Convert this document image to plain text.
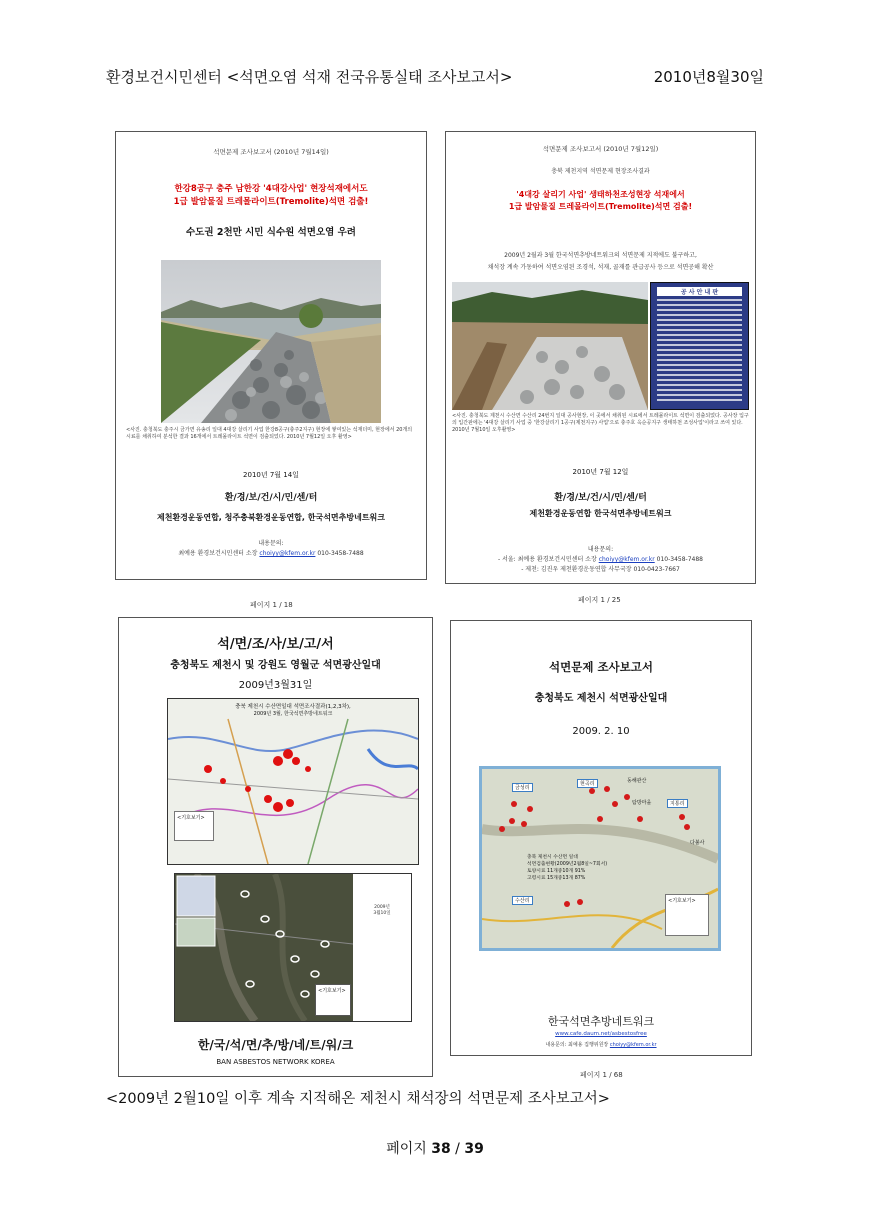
환경보건시민센터 <석면오염 석재 전국유통실태 조사보고서>	2010년8월30일
석면문제 조사보고서 (2010년 7월14일)
한강8공구 충주 남한강 '4대강사업' 현장석재에서도
1급 발암물질 트레몰라이트(Tremolite)석면 검출!
수도권 2천만 시민 식수원 석면오염 우려
<사진. 충청북도 충주시 금가면 유송리 일대 4대강 살리기 사업 한강8공구(충주2지구) 현장에 쌓여있는 석재더미, 현장에서 20개의 시료를 채취하여 분석한 결과 16개에서 트레몰라이트 석면이 검출되었다. 2010년 7월12일 오후 촬영>
2010년 7월 14일
환/경/보/건/시/민/센/터
제천환경운동연합, 청주충북환경운동연합, 한국석면추방네트워크
내용문의:
최예용 환경보건시민센터 소장 choiyy@kfem.or.kr 010-3458-7488
페이지 1 / 18
석면문제 조사보고서 (2010년 7월12일)
충북 제천지역 석면문제 현장조사결과
'4대강 살리기 사업' 생태하천조성현장 석재에서
1급 발암물질 트레몰라이트(Tremolite)석면 검출!
2009년 2월과 3월 한국석면추방네트워크의 석면문제 지적에도 불구하고,
채석장 계속 가동하여 석면오염된 조경석, 석재, 골재를 관급공사 등으로 석면공해 확산
공 사 안 내 판
<사진. 충청북도 제천시 수산면 수산리 24번지 일대 공사현장, 이 곳에서 채취된 시료에서 트레몰라이트 석면이 검출되었다. 공사장 입구의 입간판에는 '4대강 살리기 사업 중 '한강살리기 1공구(제천지구) 사업'으로 충주호 옥순공지구 생태하천 조성사업'이라고 쓰여 있다. 2010년 7월10일 오후촬영>
2010년 7월 12일
환/경/보/건/시/민/센/터
제천환경운동연합 한국석면추방네트워크
내용문의:
- 서울: 최예용 환경보건시민센터 소장 choiyy@kfem.or.kr 010-3458-7488
- 제천: 김진우 제천환경운동연합 사무국장 010-0423-7667
페이지 1 / 25
석/면/조/사/보/고/서
충청북도 제천시 및 강원도 영월군 석면광산일대
2009년3월31일
충북 제천시 수산면일대 석면조사결과(1,2,3차),
2009년 3월, 한국석면추방네트워크
<기호보기>
2009년
3월10일
<기호보기>
한/국/석/면/추/방/네/트/워/크
BAN ASBESTOS NETWORK KOREA
석면문제 조사보고서
충청북도 제천시 석면광산일대
2009. 2. 10
금성리
현곡리	동해관산
탐방마을	지통리
다불사
수산리
충북 제천시 수산면 일대
석면검출현황(2009년2월8일~7회서)
토양시료 11개중10개 91%
고령시료 15개중13개 87%
<기호보기>
한국석면추방네트워크
www.cafe.daum.net/asbestosfree
내용문의: 최예용 집행위원장 choiyy@kfem.or.kr
페이지 1 / 68
<2009년 2월10일 이후 계속 지적해온 제천시 채석장의 석면문제 조사보고서>
페이지 38 / 39
